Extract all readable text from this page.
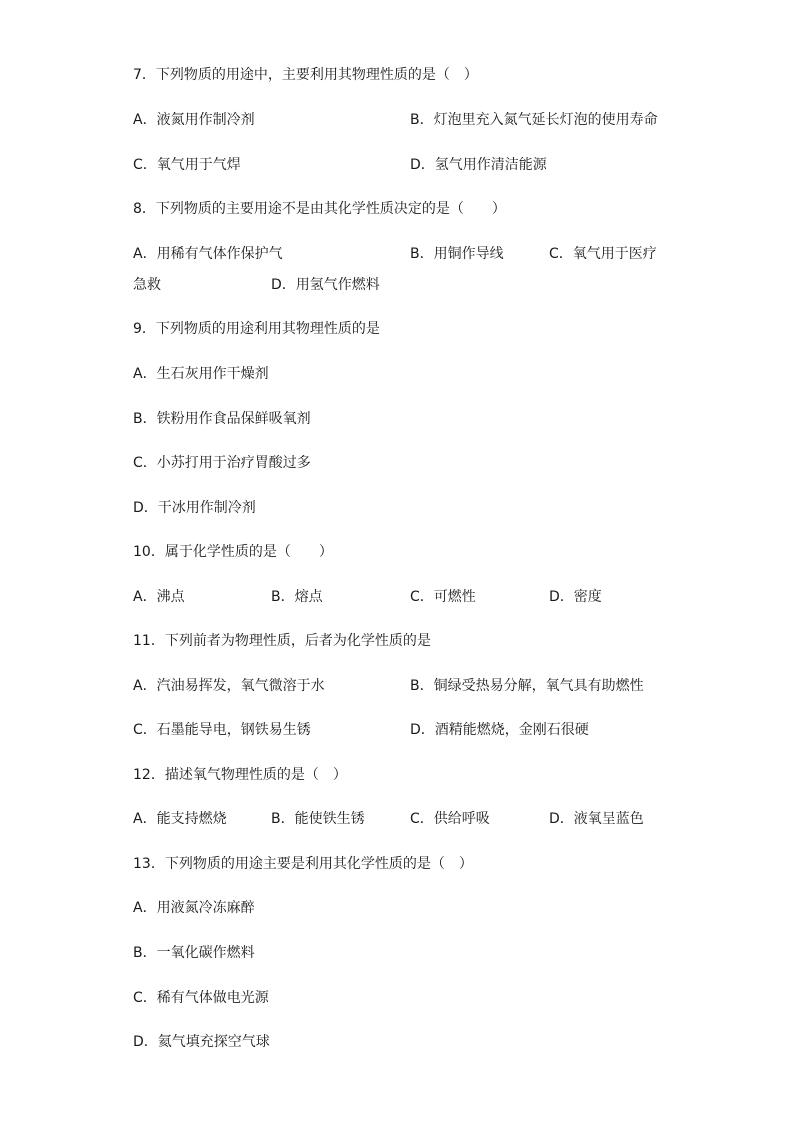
7．下列物质的用途中，主要利用其物理性质的是（　）
A．液氮用作制冷剂	B．灯泡里充入氮气延长灯泡的使用寿命
C．氧气用于气焊	D．氢气用作清洁能源
8．下列物质的主要用途不是由其化学性质决定的是（　　）
A．用稀有气体作保护气	B．用铜作导线	C．氧气用于医疗
急救	D．用氢气作燃料
9．下列物质的用途利用其物理性质的是
A．生石灰用作干燥剂
B．铁粉用作食品保鲜吸氧剂
C．小苏打用于治疗胃酸过多
D．干冰用作制冷剂
10．属于化学性质的是（　　）
A．沸点	B．熔点	C．可燃性	D．密度
11．下列前者为物理性质，后者为化学性质的是
A．汽油易挥发，氧气微溶于水	B．铜绿受热易分解，氧气具有助燃性
C．石墨能导电，钢铁易生锈	D．酒精能燃烧，金刚石很硬
12．描述氧气物理性质的是（　）
A．能支持燃烧	B．能使铁生锈	C．供给呼吸	D．液氧呈蓝色
13．下列物质的用途主要是利用其化学性质的是（　）
A．用液氮冷冻麻醉
B．一氧化碳作燃料
C．稀有气体做电光源
D．氦气填充探空气球
